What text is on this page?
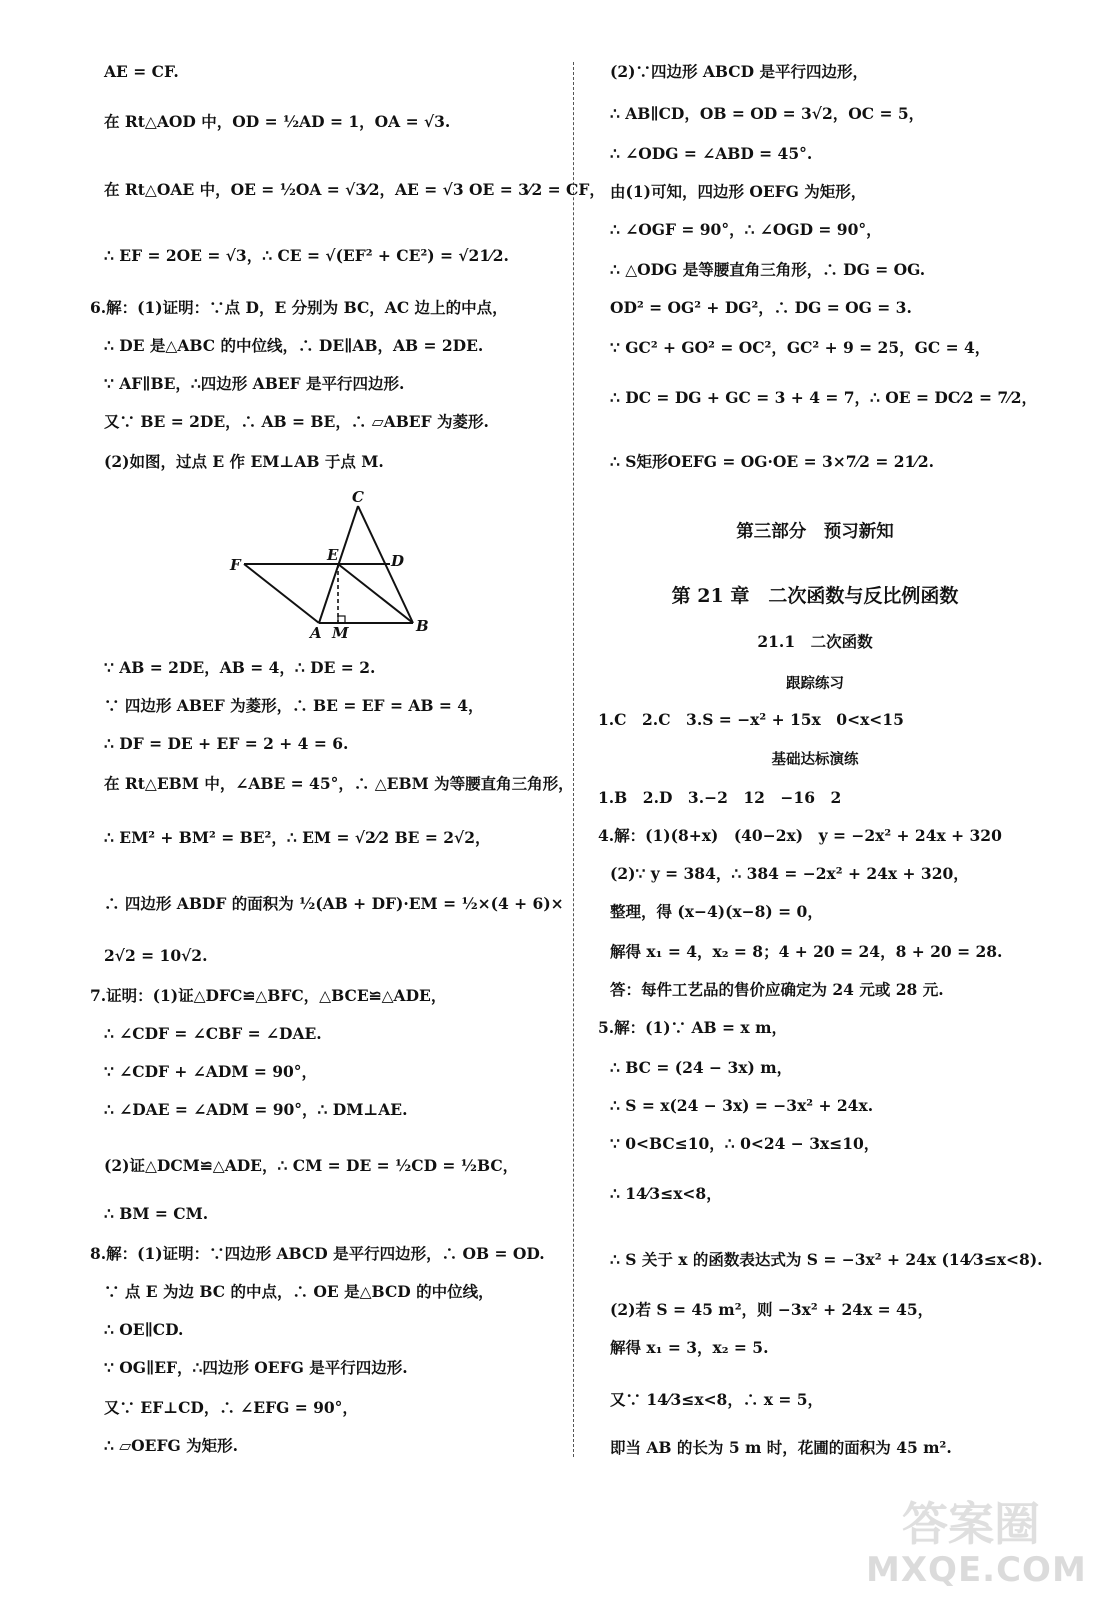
AE = CF.
在 Rt△AOD 中，OD = ½AD = 1，OA = √3.
在 Rt△OAE 中，OE = ½OA = √3⁄2，AE = √3 OE = 3⁄2 = CF，
∴ EF = 2OE = √3，∴ CE = √(EF² + CE²) = √21⁄2.
6.解：(1)证明：∵点 D，E 分别为 BC，AC 边上的中点，
∴ DE 是△ABC 的中位线，∴ DE∥AB，AB = 2DE.
∵ AF∥BE，∴四边形 ABEF 是平行四边形.
又∵ BE = 2DE，∴ AB = BE，∴ ▱ABEF 为菱形.
(2)如图，过点 E 作 EM⊥AB 于点 M.
C
F
E	D
A M	B
∵ AB = 2DE，AB = 4，∴ DE = 2.
∵ 四边形 ABEF 为菱形，∴ BE = EF = AB = 4，
∴ DF = DE + EF = 2 + 4 = 6.
在 Rt△EBM 中，∠ABE = 45°，∴ △EBM 为等腰直角三角形，
∴ EM² + BM² = BE²，∴ EM = √2⁄2 BE = 2√2，
∴ 四边形 ABDF 的面积为 ½(AB + DF)·EM = ½×(4 + 6)×
2√2 = 10√2.
7.证明：(1)证△DFC≌△BFC，△BCE≌△ADE，
∴ ∠CDF = ∠CBF = ∠DAE.
∵ ∠CDF + ∠ADM = 90°，
∴ ∠DAE = ∠ADM = 90°，∴ DM⊥AE.
(2)证△DCM≌△ADE，∴ CM = DE = ½CD = ½BC，
∴ BM = CM.
8.解：(1)证明：∵四边形 ABCD 是平行四边形，∴ OB = OD.
∵ 点 E 为边 BC 的中点，∴ OE 是△BCD 的中位线，
∴ OE∥CD.
∵ OG∥EF，∴四边形 OEFG 是平行四边形.
又∵ EF⊥CD，∴ ∠EFG = 90°，
∴ ▱OEFG 为矩形.
(2)∵四边形 ABCD 是平行四边形，
∴ AB∥CD，OB = OD = 3√2，OC = 5，
∴ ∠ODG = ∠ABD = 45°.
由(1)可知，四边形 OEFG 为矩形，
∴ ∠OGF = 90°，∴ ∠OGD = 90°，
∴ △ODG 是等腰直角三角形，∴ DG = OG.
OD² = OG² + DG²，∴ DG = OG = 3.
∵ GC² + GO² = OC²，GC² + 9 = 25，GC = 4，
∴ DC = DG + GC = 3 + 4 = 7，∴ OE = DC⁄2 = 7⁄2，
∴ S矩形OEFG = OG·OE = 3×7⁄2 = 21⁄2.
第三部分　预习新知
第 21 章　二次函数与反比例函数
21.1　二次函数
跟踪练习
1.C　2.C　3.S = −x² + 15x　0<x<15
基础达标演练
1.B　2.D　3.−2　12　−16　2
4.解：(1)(8+x)　(40−2x)　y = −2x² + 24x + 320
(2)∵ y = 384，∴ 384 = −2x² + 24x + 320，
整理，得 (x−4)(x−8) = 0，
解得 x₁ = 4，x₂ = 8；4 + 20 = 24，8 + 20 = 28.
答：每件工艺品的售价应确定为 24 元或 28 元.
5.解：(1)∵ AB = x m，
∴ BC = (24 − 3x) m，
∴ S = x(24 − 3x) = −3x² + 24x.
∵ 0<BC≤10，∴ 0<24 − 3x≤10，
∴ 14⁄3≤x<8，
∴ S 关于 x 的函数表达式为 S = −3x² + 24x (14⁄3≤x<8).
(2)若 S = 45 m²，则 −3x² + 24x = 45，
解得 x₁ = 3，x₂ = 5.
又∵ 14⁄3≤x<8，∴ x = 5，
即当 AB 的长为 5 m 时，花圃的面积为 45 m².
答案圈
MXQE.COM
